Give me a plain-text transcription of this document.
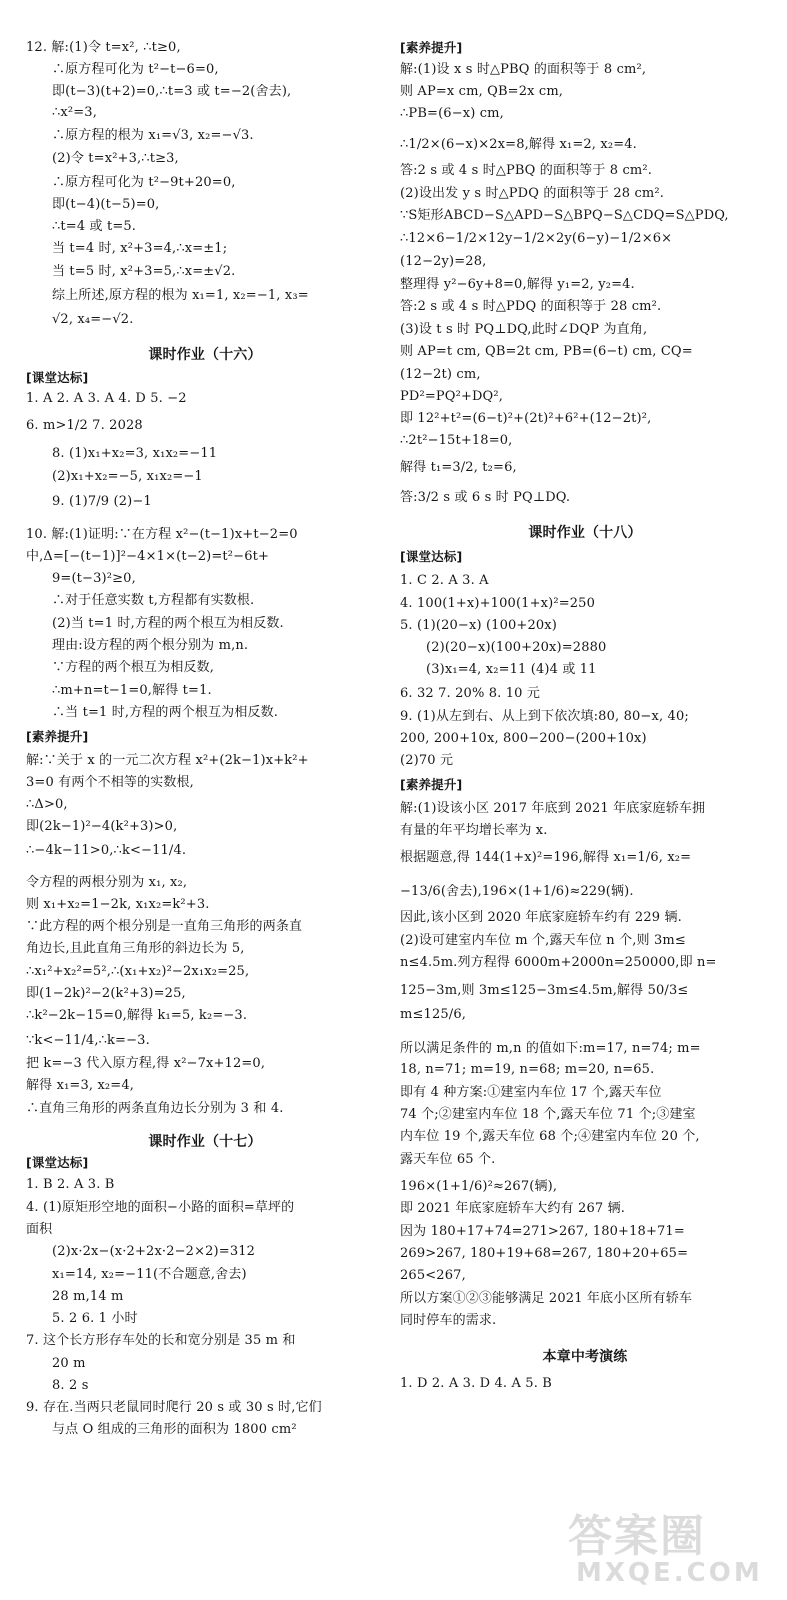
12. 解:(1)令 t=x², ∴t≥0,
∴原方程可化为 t²−t−6=0,
即(t−3)(t+2)=0,∴t=3 或 t=−2(舍去),
∴x²=3,
∴原方程的根为 x₁=√3, x₂=−√3.
(2)令 t=x²+3,∴t≥3,
∴原方程可化为 t²−9t+20=0,
即(t−4)(t−5)=0,
∴t=4 或 t=5.
当 t=4 时, x²+3=4,∴x=±1;
当 t=5 时, x²+3=5,∴x=±√2.
综上所述,原方程的根为 x₁=1, x₂=−1, x₃=
√2, x₄=−√2.
课时作业（十六）
[课堂达标]
1. A 2. A 3. A 4. D 5. −2
6. m>1/2 7. 2028
8. (1)x₁+x₂=3, x₁x₂=−11
(2)x₁+x₂=−5, x₁x₂=−1
9. (1)7/9 (2)−1
10. 解:(1)证明:∵在方程 x²−(t−1)x+t−2=0
中,Δ=[−(t−1)]²−4×1×(t−2)=t²−6t+
9=(t−3)²≥0,
∴对于任意实数 t,方程都有实数根.
(2)当 t=1 时,方程的两个根互为相反数.
理由:设方程的两个根分别为 m,n.
∵方程的两个根互为相反数,
∴m+n=t−1=0,解得 t=1.
∴当 t=1 时,方程的两个根互为相反数.
[素养提升]
解:∵关于 x 的一元二次方程 x²+(2k−1)x+k²+
3=0 有两个不相等的实数根,
∴Δ>0,
即(2k−1)²−4(k²+3)>0,
∴−4k−11>0,∴k<−11/4.
令方程的两根分别为 x₁, x₂,
则 x₁+x₂=1−2k, x₁x₂=k²+3.
∵此方程的两个根分别是一直角三角形的两条直
角边长,且此直角三角形的斜边长为 5,
∴x₁²+x₂²=5²,∴(x₁+x₂)²−2x₁x₂=25,
即(1−2k)²−2(k²+3)=25,
∴k²−2k−15=0,解得 k₁=5, k₂=−3.
∵k<−11/4,∴k=−3.
把 k=−3 代入原方程,得 x²−7x+12=0,
解得 x₁=3, x₂=4,
∴直角三角形的两条直角边长分别为 3 和 4.
课时作业（十七）
[课堂达标]
1. B 2. A 3. B
4. (1)原矩形空地的面积−小路的面积=草坪的
面积
(2)x·2x−(x·2+2x·2−2×2)=312
x₁=14, x₂=−11(不合题意,舍去)
28 m,14 m
5. 2 6. 1 小时
7. 这个长方形存车处的长和宽分别是 35 m 和
20 m
8. 2 s
9. 存在.当两只老鼠同时爬行 20 s 或 30 s 时,它们
与点 O 组成的三角形的面积为 1800 cm²
[素养提升]
解:(1)设 x s 时△PBQ 的面积等于 8 cm²,
则 AP=x cm, QB=2x cm,
∴PB=(6−x) cm,
∴1/2×(6−x)×2x=8,解得 x₁=2, x₂=4.
答:2 s 或 4 s 时△PBQ 的面积等于 8 cm².
(2)设出发 y s 时△PDQ 的面积等于 28 cm².
∵S矩形ABCD−S△APD−S△BPQ−S△CDQ=S△PDQ,
∴12×6−1/2×12y−1/2×2y(6−y)−1/2×6×
(12−2y)=28,
整理得 y²−6y+8=0,解得 y₁=2, y₂=4.
答:2 s 或 4 s 时△PDQ 的面积等于 28 cm².
(3)设 t s 时 PQ⊥DQ,此时∠DQP 为直角,
则 AP=t cm, QB=2t cm, PB=(6−t) cm, CQ=
(12−2t) cm,
PD²=PQ²+DQ²,
即 12²+t²=(6−t)²+(2t)²+6²+(12−2t)²,
∴2t²−15t+18=0,
解得 t₁=3/2, t₂=6,
答:3/2 s 或 6 s 时 PQ⊥DQ.
课时作业（十八）
[课堂达标]
1. C 2. A 3. A
4. 100(1+x)+100(1+x)²=250
5. (1)(20−x) (100+20x)
(2)(20−x)(100+20x)=2880
(3)x₁=4, x₂=11 (4)4 或 11
6. 32 7. 20% 8. 10 元
9. (1)从左到右、从上到下依次填:80, 80−x, 40;
200, 200+10x, 800−200−(200+10x)
(2)70 元
[素养提升]
解:(1)设该小区 2017 年底到 2021 年底家庭轿车拥
有量的年平均增长率为 x.
根据题意,得 144(1+x)²=196,解得 x₁=1/6, x₂=
−13/6(舍去),196×(1+1/6)≈229(辆).
因此,该小区到 2020 年底家庭轿车约有 229 辆.
(2)设可建室内车位 m 个,露天车位 n 个,则 3m≤
n≤4.5m.列方程得 6000m+2000n=250000,即 n=
125−3m,则 3m≤125−3m≤4.5m,解得 50/3≤
m≤125/6,
所以满足条件的 m,n 的值如下:m=17, n=74; m=
18, n=71; m=19, n=68; m=20, n=65.
即有 4 种方案:①建室内车位 17 个,露天车位
74 个;②建室内车位 18 个,露天车位 71 个;③建室
内车位 19 个,露天车位 68 个;④建室内车位 20 个,
露天车位 65 个.
196×(1+1/6)²≈267(辆),
即 2021 年底家庭轿车大约有 267 辆.
因为 180+17+74=271>267, 180+18+71=
269>267, 180+19+68=267, 180+20+65=
265<267,
所以方案①②③能够满足 2021 年底小区所有轿车
同时停车的需求.
本章中考演练
1. D 2. A 3. D 4. A 5. B
答案圈
MXQE.COM
